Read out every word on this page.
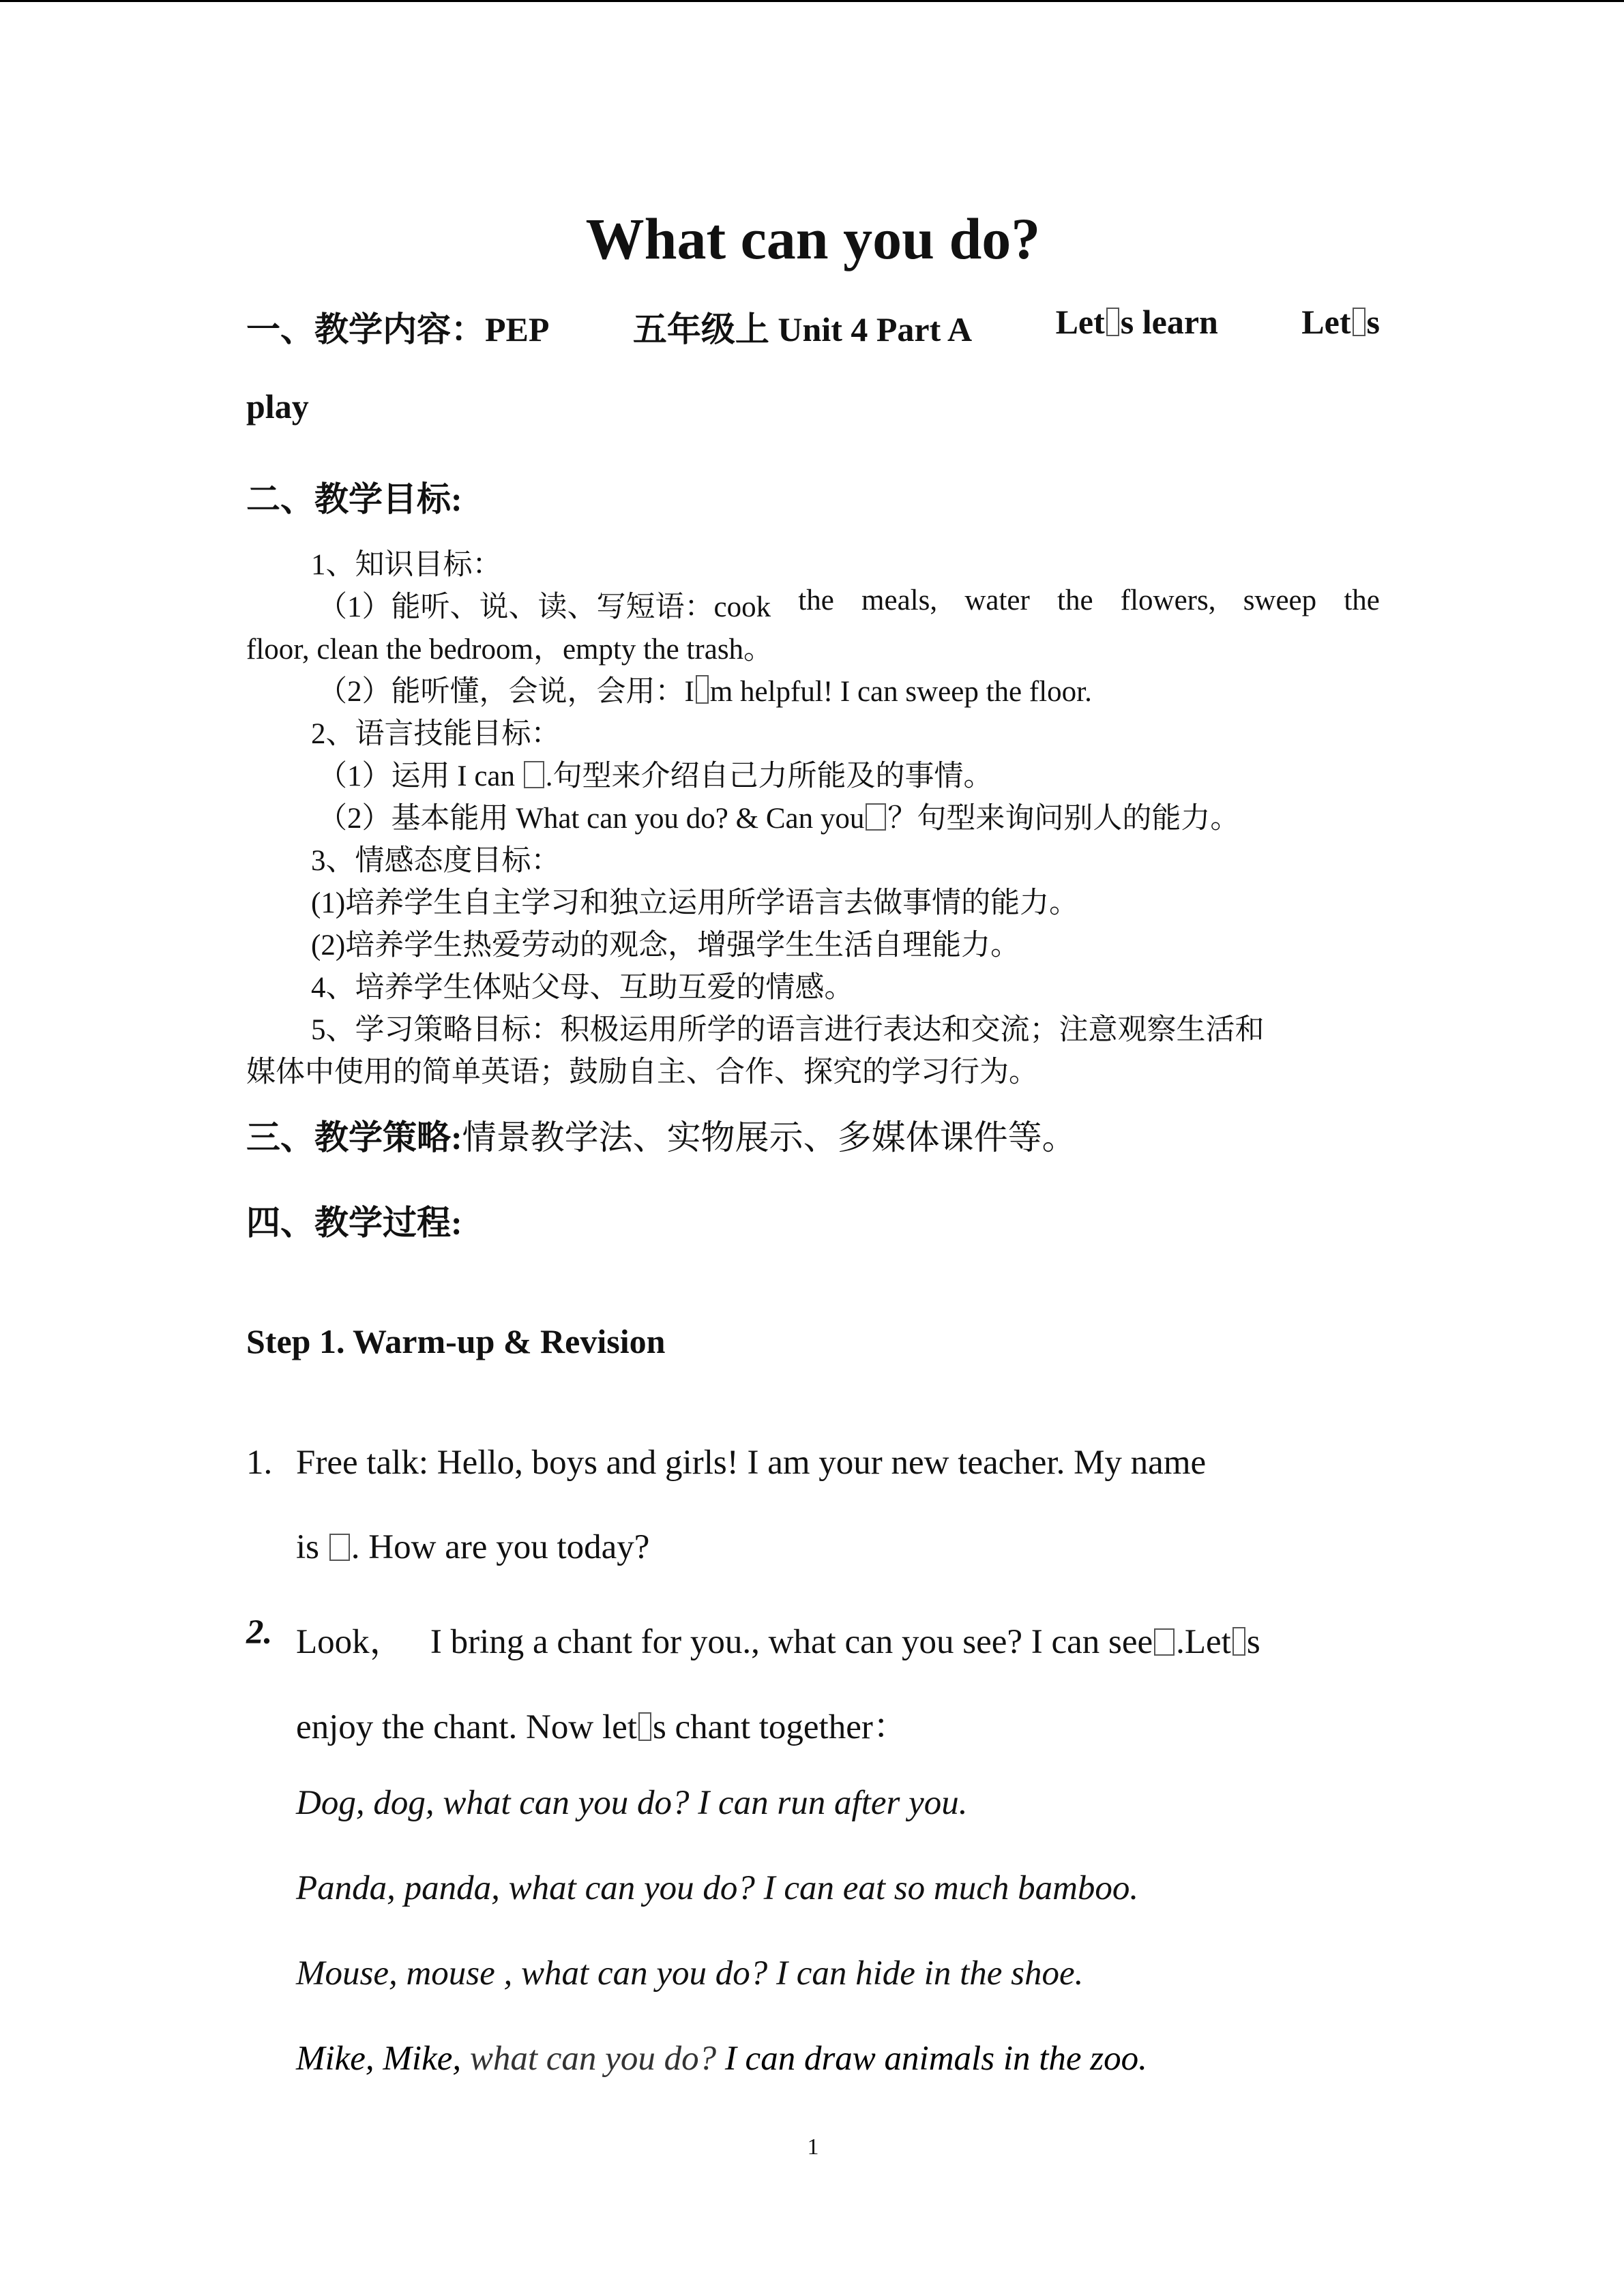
What can you do?
一、教学内容：PEP 五年级上 Unit 4 Part A Let s learn Let s
play
二、教学目标:
1、知识目标：
（1）能听、说、读、写短语：cook the meals, water the flowers, sweep the
floor, clean the bedroom，empty the trash。
（2）能听懂，会说，会用：I m helpful! I can sweep the floor.
2、语言技能目标：
（1）运用 I can .句型来介绍自己力所能及的事情。
（2）基本能用 What can you do? & Can you ？句型来询问别人的能力。
3、情感态度目标：
(1)培养学生自主学习和独立运用所学语言去做事情的能力。
(2)培养学生热爱劳动的观念，增强学生生活自理能力。
4、培养学生体贴父母、互助互爱的情感。
5、学习策略目标：积极运用所学的语言进行表达和交流；注意观察生活和
媒体中使用的简单英语；鼓励自主、合作、探究的学习行为。
三、教学策略:情景教学法、实物展示、多媒体课件等。
四、教学过程:
Step 1. Warm-up & Revision
1. Free talk: Hello, boys and girls! I am your new teacher. My name
is . How are you today?
2. Look， I bring a chant for you., what can you see? I can see .Let s
enjoy the chant. Now let s chant together：
Dog, dog, what can you do? I can run after you.
Panda, panda, what can you do? I can eat so much bamboo.
Mouse, mouse , what can you do? I can hide in the shoe.
Mike, Mike, what can you do? I can draw animals in the zoo.
1
